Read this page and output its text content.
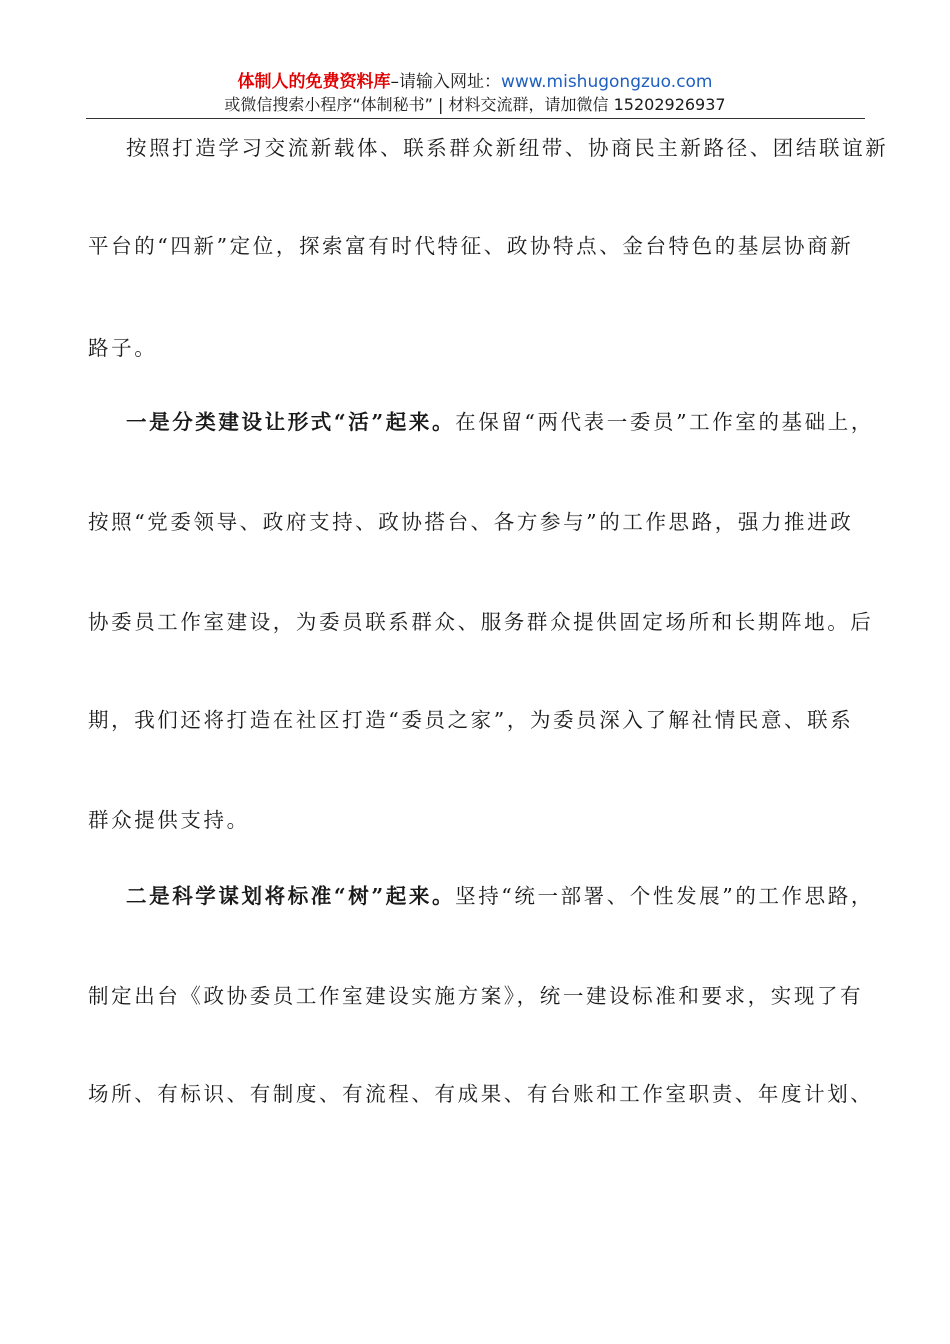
体制人的免费资料库–请输入网址：www.mishugongzuo.com
或微信搜索小程序“体制秘书” | 材料交流群，请加微信 15202926937
按照打造学习交流新载体、联系群众新纽带、协商民主新路径、团结联谊新
平台的“四新”定位，探索富有时代特征、政协特点、金台特色的基层协商新
路子。
一是分类建设让形式“活”起来。在保留“两代表一委员”工作室的基础上，
按照“党委领导、政府支持、政协搭台、各方参与”的工作思路，强力推进政
协委员工作室建设，为委员联系群众、服务群众提供固定场所和长期阵地。后
期，我们还将打造在社区打造“委员之家”，为委员深入了解社情民意、联系
群众提供支持。
二是科学谋划将标准“树”起来。坚持“统一部署、个性发展”的工作思路，
制定出台《政协委员工作室建设实施方案》，统一建设标准和要求，实现了有
场所、有标识、有制度、有流程、有成果、有台账和工作室职责、年度计划、
